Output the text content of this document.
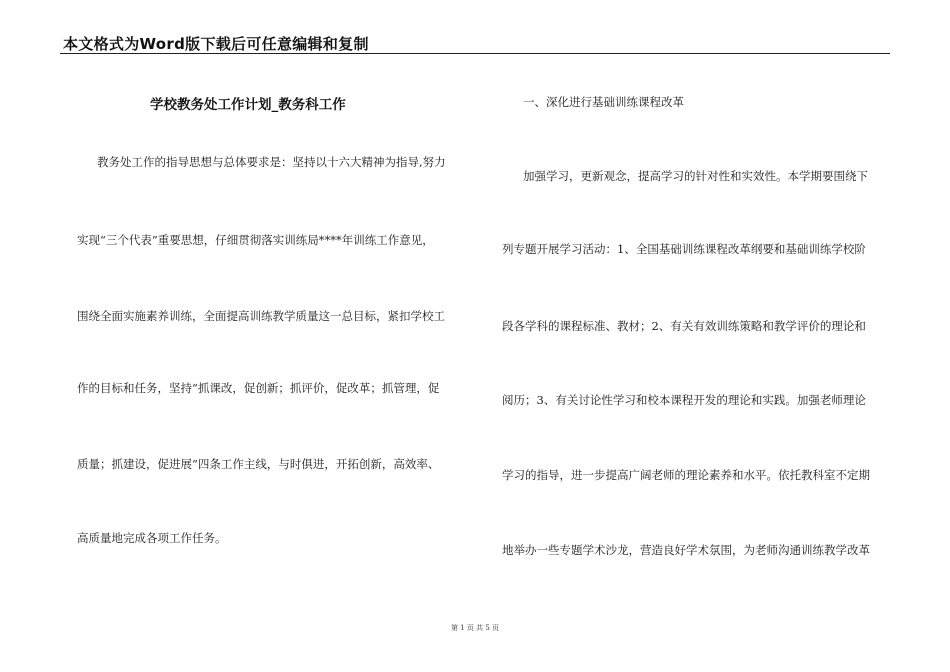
本文格式为Word版下载后可任意编辑和复制
学校教务处工作计划_教务科工作
教务处工作的指导思想与总体要求是：坚持以十六大精神为指导,努力
实现“三个代表”重要思想，仔细贯彻落实训练局****年训练工作意见，
围绕全面实施素养训练，全面提高训练教学质量这一总目标，紧扣学校工
作的目标和任务，坚持“抓课改，促创新；抓评价，促改革；抓管理，促
质量；抓建设，促进展”四条工作主线，与时俱进，开拓创新，高效率、
高质量地完成各项工作任务。
一、深化进行基础训练课程改革
加强学习，更新观念，提高学习的针对性和实效性。本学期要围绕下
列专题开展学习活动：1、全国基础训练课程改革纲要和基础训练学校阶
段各学科的课程标准、教材；2、有关有效训练策略和教学评价的理论和
阅历；3、有关讨论性学习和校本课程开发的理论和实践。加强老师理论
学习的指导，进一步提高广阔老师的理论素养和水平。依托教科室不定期
地举办一些专题学术沙龙，营造良好学术氛围，为老师沟通训练教学改革
第 1 页 共 5 页
